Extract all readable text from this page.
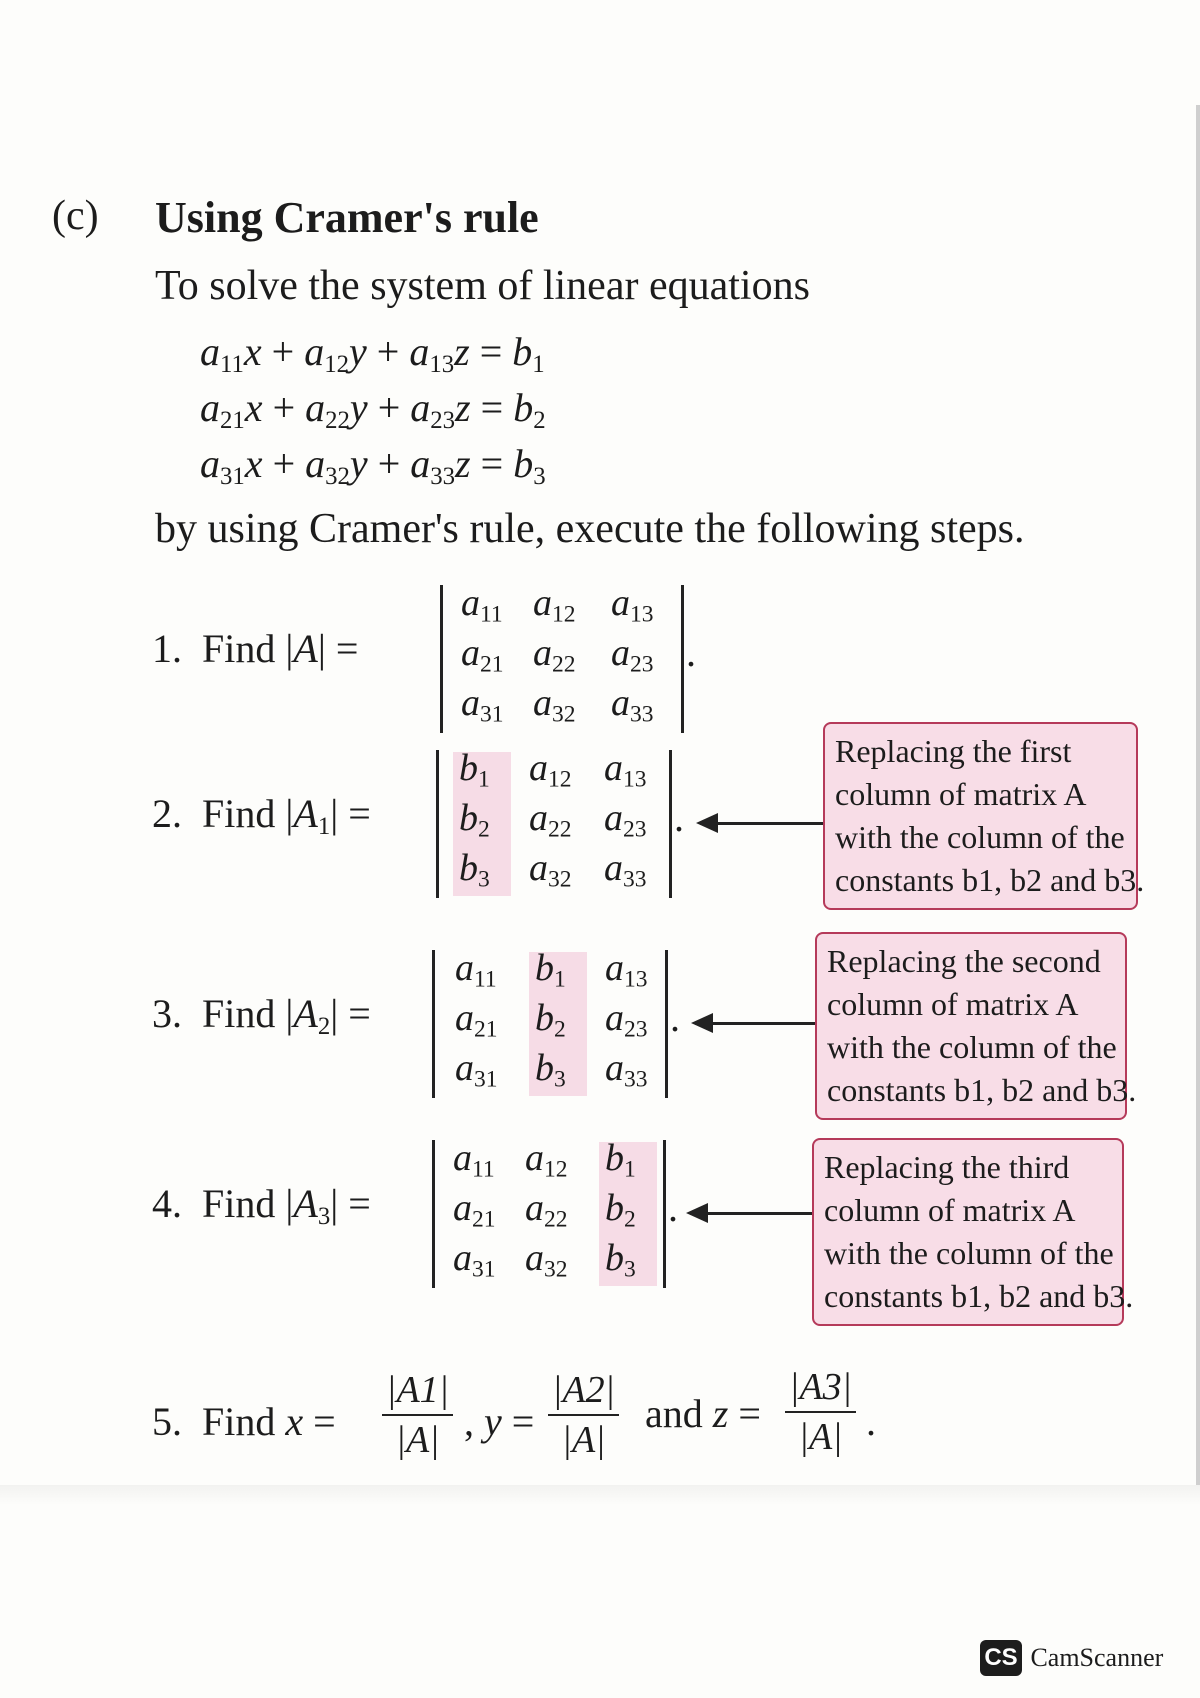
(c) Using Cramer's rule
To solve the system of linear equations
$a_{11}x + a_{12}y + a_{13}z = b_1$
$a_{21}x + a_{22}y + a_{23}z = b_2$
$a_{31}x + a_{32}y + a_{33}z = b_3$
by using Cramer's rule, execute the following steps.
1. Find |A| =
$a_{11}$ $a_{12}$ $a_{13}$
$a_{21}$ $a_{22}$ $a_{23}$
$a_{31}$ $a_{32}$ $a_{33}$
.
2. Find $|A_1|$ =
$b_1$ $a_{12}$ $a_{13}$
$b_2$ $a_{22}$ $a_{23}$
$b_3$ $a_{32}$ $a_{33}$
.
Replacing the first
column of matrix A
with the column of the
constants b1, b2 and b3.
3. Find $|A_2|$ =
$a_{11}$ $b_1$ $a_{13}$
$a_{21}$ $b_2$ $a_{23}$
$a_{31}$ $b_3$ $a_{33}$
.
Replacing the second
column of matrix A
with the column of the
constants b1, b2 and b3.
4. Find $|A_3|$ =
$a_{11}$ $a_{12}$ $b_1$
$a_{21}$ $a_{22}$ $b_2$
$a_{31}$ $a_{32}$ $b_3$
.
Replacing the third
column of matrix A
with the column of the
constants b1, b2 and b3.
5. Find $x = \frac{|A1|}{|A|}$ , $y = \frac{|A2|}{|A|}$ and $z = \frac{|A3|}{|A|}$ .
CS CamScanner
